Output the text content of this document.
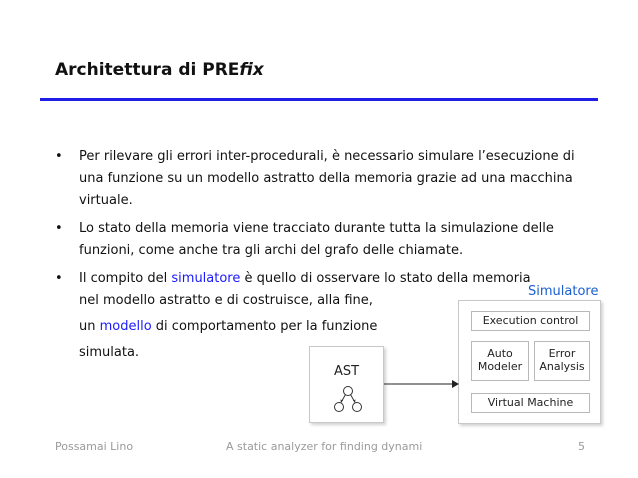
Architettura di PREfix
• Per rilevare gli errori inter-procedurali, è necessario simulare l’esecuzione di una funzione su un modello astratto della memoria grazie ad una macchina virtuale.
• Lo stato della memoria viene tracciato durante tutta la simulazione delle funzioni, come anche tra gli archi del grafo delle chiamate.
• Il compito del simulatore è quello di osservare lo stato della memoria
nel modello astratto e di costruisce, alla fine,
un modello di comportamento per la funzione
simulata.
Simulatore
Execution control
Auto
Modeler
Error
Analysis
Virtual Machine
AST
Possamai Lino	A static analyzer for finding dynami	5
